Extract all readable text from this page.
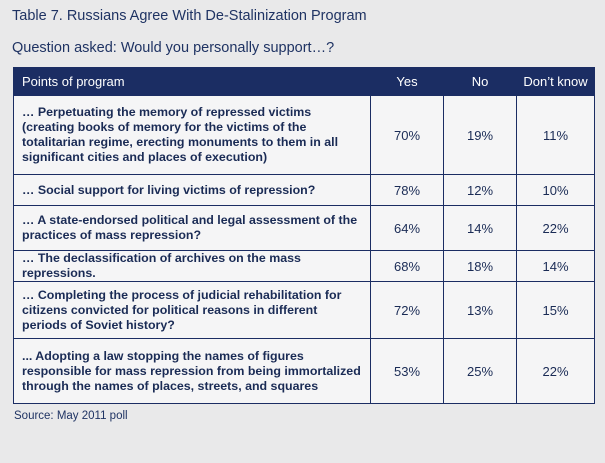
Table 7. Russians Agree With De-Stalinization Program
Question asked: Would you personally support…?
Points of program	Yes	No	Don’t know
… Perpetuating the memory of repressed victims (creating books of memory for the victims of the totalitarian regime, erecting monuments to them in all significant cities and places of execution)	70%	19%	11%
… Social support for living victims of repression?	78%	12%	10%
… A state-endorsed political and legal assessment of the practices of mass repression?	64%	14%	22%
… The declassification of archives on the mass repressions.	68%	18%	14%
… Completing the process of judicial rehabilitation for citizens convicted for political reasons in different periods of Soviet history?	72%	13%	15%
... Adopting a law stopping the names of figures responsible for mass repression from being immortalized through the names of places, streets, and squares	53%	25%	22%
Source: May 2011 poll
